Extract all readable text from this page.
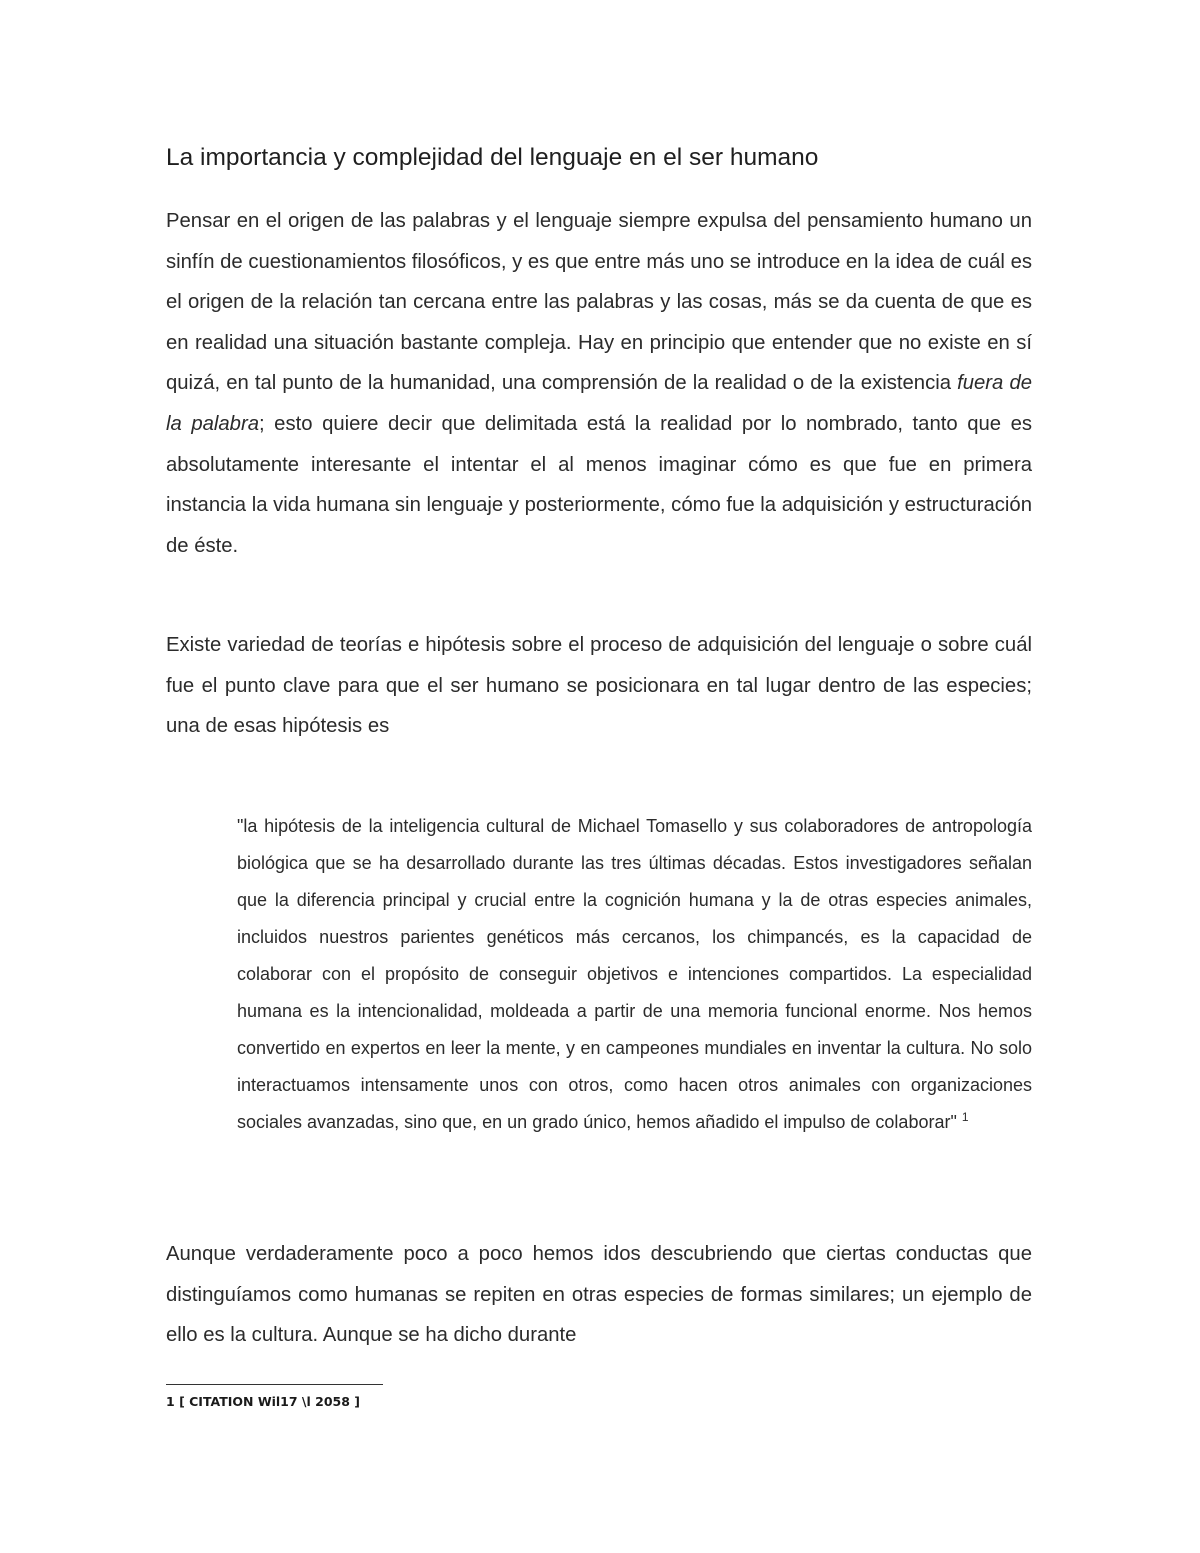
La importancia y complejidad del lenguaje en el ser humano

Pensar en el origen de las palabras y el lenguaje siempre expulsa del pensamiento humano un sinfín de cuestionamientos filosóficos, y es que entre más uno se introduce en la idea de cuál es el origen de la relación tan cercana entre las palabras y las cosas, más se da cuenta de que es en realidad una situación bastante compleja. Hay en principio que entender que no existe en sí quizá, en tal punto de la humanidad, una comprensión de la realidad o de la existencia fuera de la palabra; esto quiere decir que delimitada está la realidad por lo nombrado, tanto que es absolutamente interesante el intentar el al menos imaginar cómo es que fue en primera instancia la vida humana sin lenguaje y posteriormente, cómo fue la adquisición y estructuración de éste.

Existe variedad de teorías e hipótesis sobre el proceso de adquisición del lenguaje o sobre cuál fue el punto clave para que el ser humano se posicionara en tal lugar dentro de las especies; una de esas hipótesis es

"la hipótesis de la inteligencia cultural de Michael Tomasello y sus colaboradores de antropología biológica que se ha desarrollado durante las tres últimas décadas. Estos investigadores señalan que la diferencia principal y crucial entre la cognición humana y la de otras especies animales, incluidos nuestros parientes genéticos más cercanos, los chimpancés, es la capacidad de colaborar con el propósito de conseguir objetivos e intenciones compartidos. La especialidad humana es la intencionalidad, moldeada a partir de una memoria funcional enorme. Nos hemos convertido en expertos en leer la mente, y en campeones mundiales en inventar la cultura. No solo interactuamos intensamente unos con otros, como hacen otros animales con organizaciones sociales avanzadas, sino que, en un grado único, hemos añadido el impulso de colaborar" $^1$

Aunque verdaderamente poco a poco hemos idos descubriendo que ciertas conductas que distinguíamos como humanas se repiten en otras especies de formas similares; un ejemplo de ello es la cultura. Aunque se ha dicho durante

1 [ CITATION Wil17 \l 2058 ]
